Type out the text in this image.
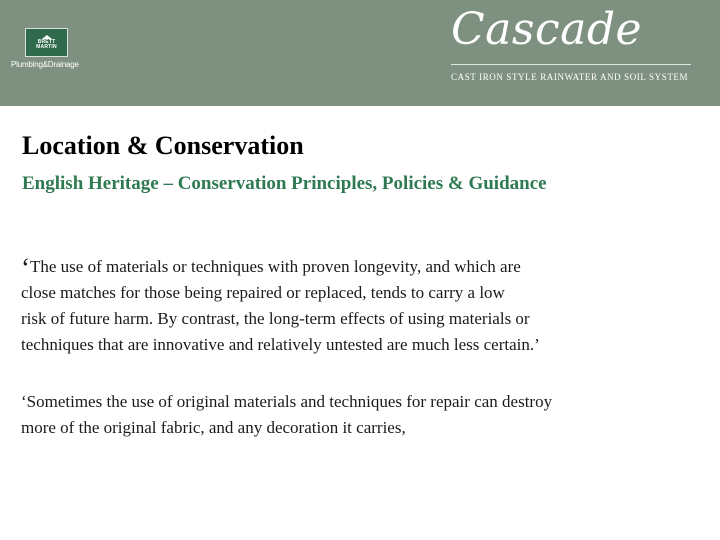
BRETT
MARTIN
Plumbing&Drainage
Cascade
CAST IRON STYLE RAINWATER AND SOIL SYSTEM
Location & Conservation
English Heritage – Conservation Principles, Policies & Guidance
‘The use of materials or techniques with proven longevity, and which are
close matches for those being repaired or replaced, tends to carry a low
risk of future harm. By contrast, the long-term effects of using materials or
techniques that are innovative and relatively untested are much less certain.’
‘Sometimes the use of original materials and techniques for repair can destroy
more of the original fabric, and any decoration it carries,
